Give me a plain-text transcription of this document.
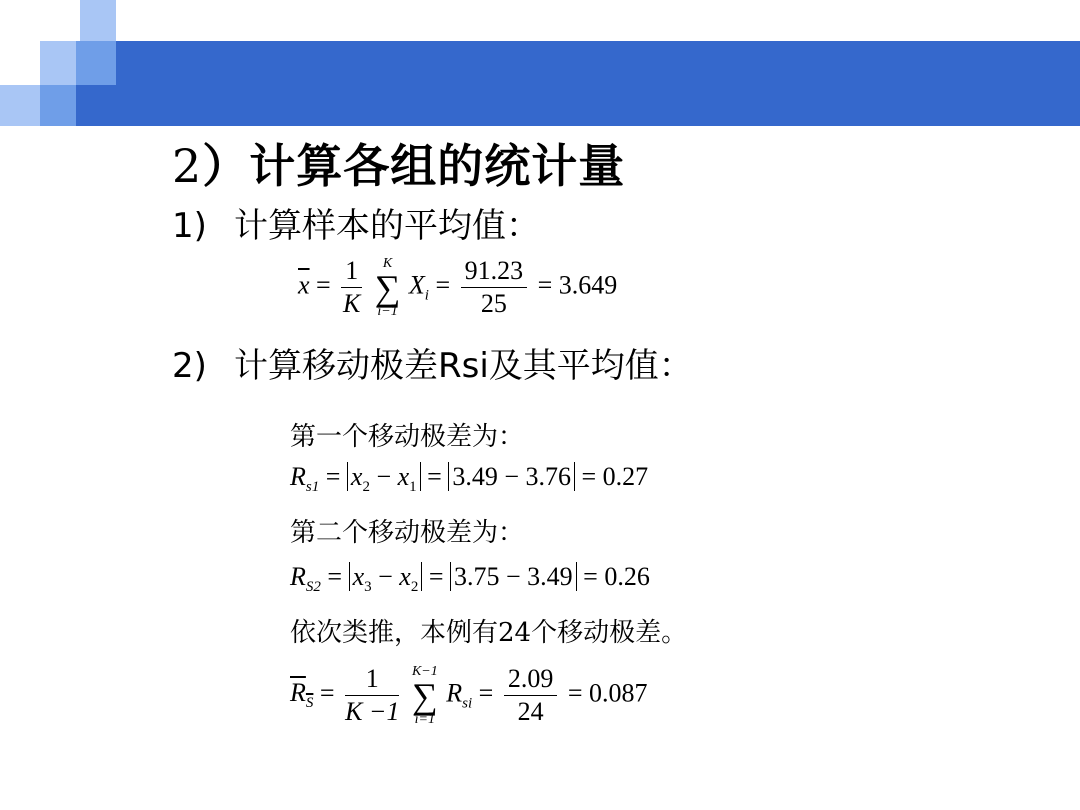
2）计算各组的统计量
1) 计算样本的平均值：
$\overline{x} = \frac{1}{K}$
	K
∑
i−1
$X_i = \frac{91.23}{25} = 3.649$
2) 计算移动极差Rsi及其平均值：
第一个移动极差为：
$R_{s1} = x_2 - x_1 = 3.49 - 3.76 = 0.27$
第二个移动极差为：
$R_{S2} = x_3 - x_2 = 3.75 - 3.49 = 0.26$
依次类推，本例有24个移动极差。
$R_S = \frac{1}{K -1}$
K−1
∑
i=1
$R_{si} = \frac{2.09}{24} = 0.087$
